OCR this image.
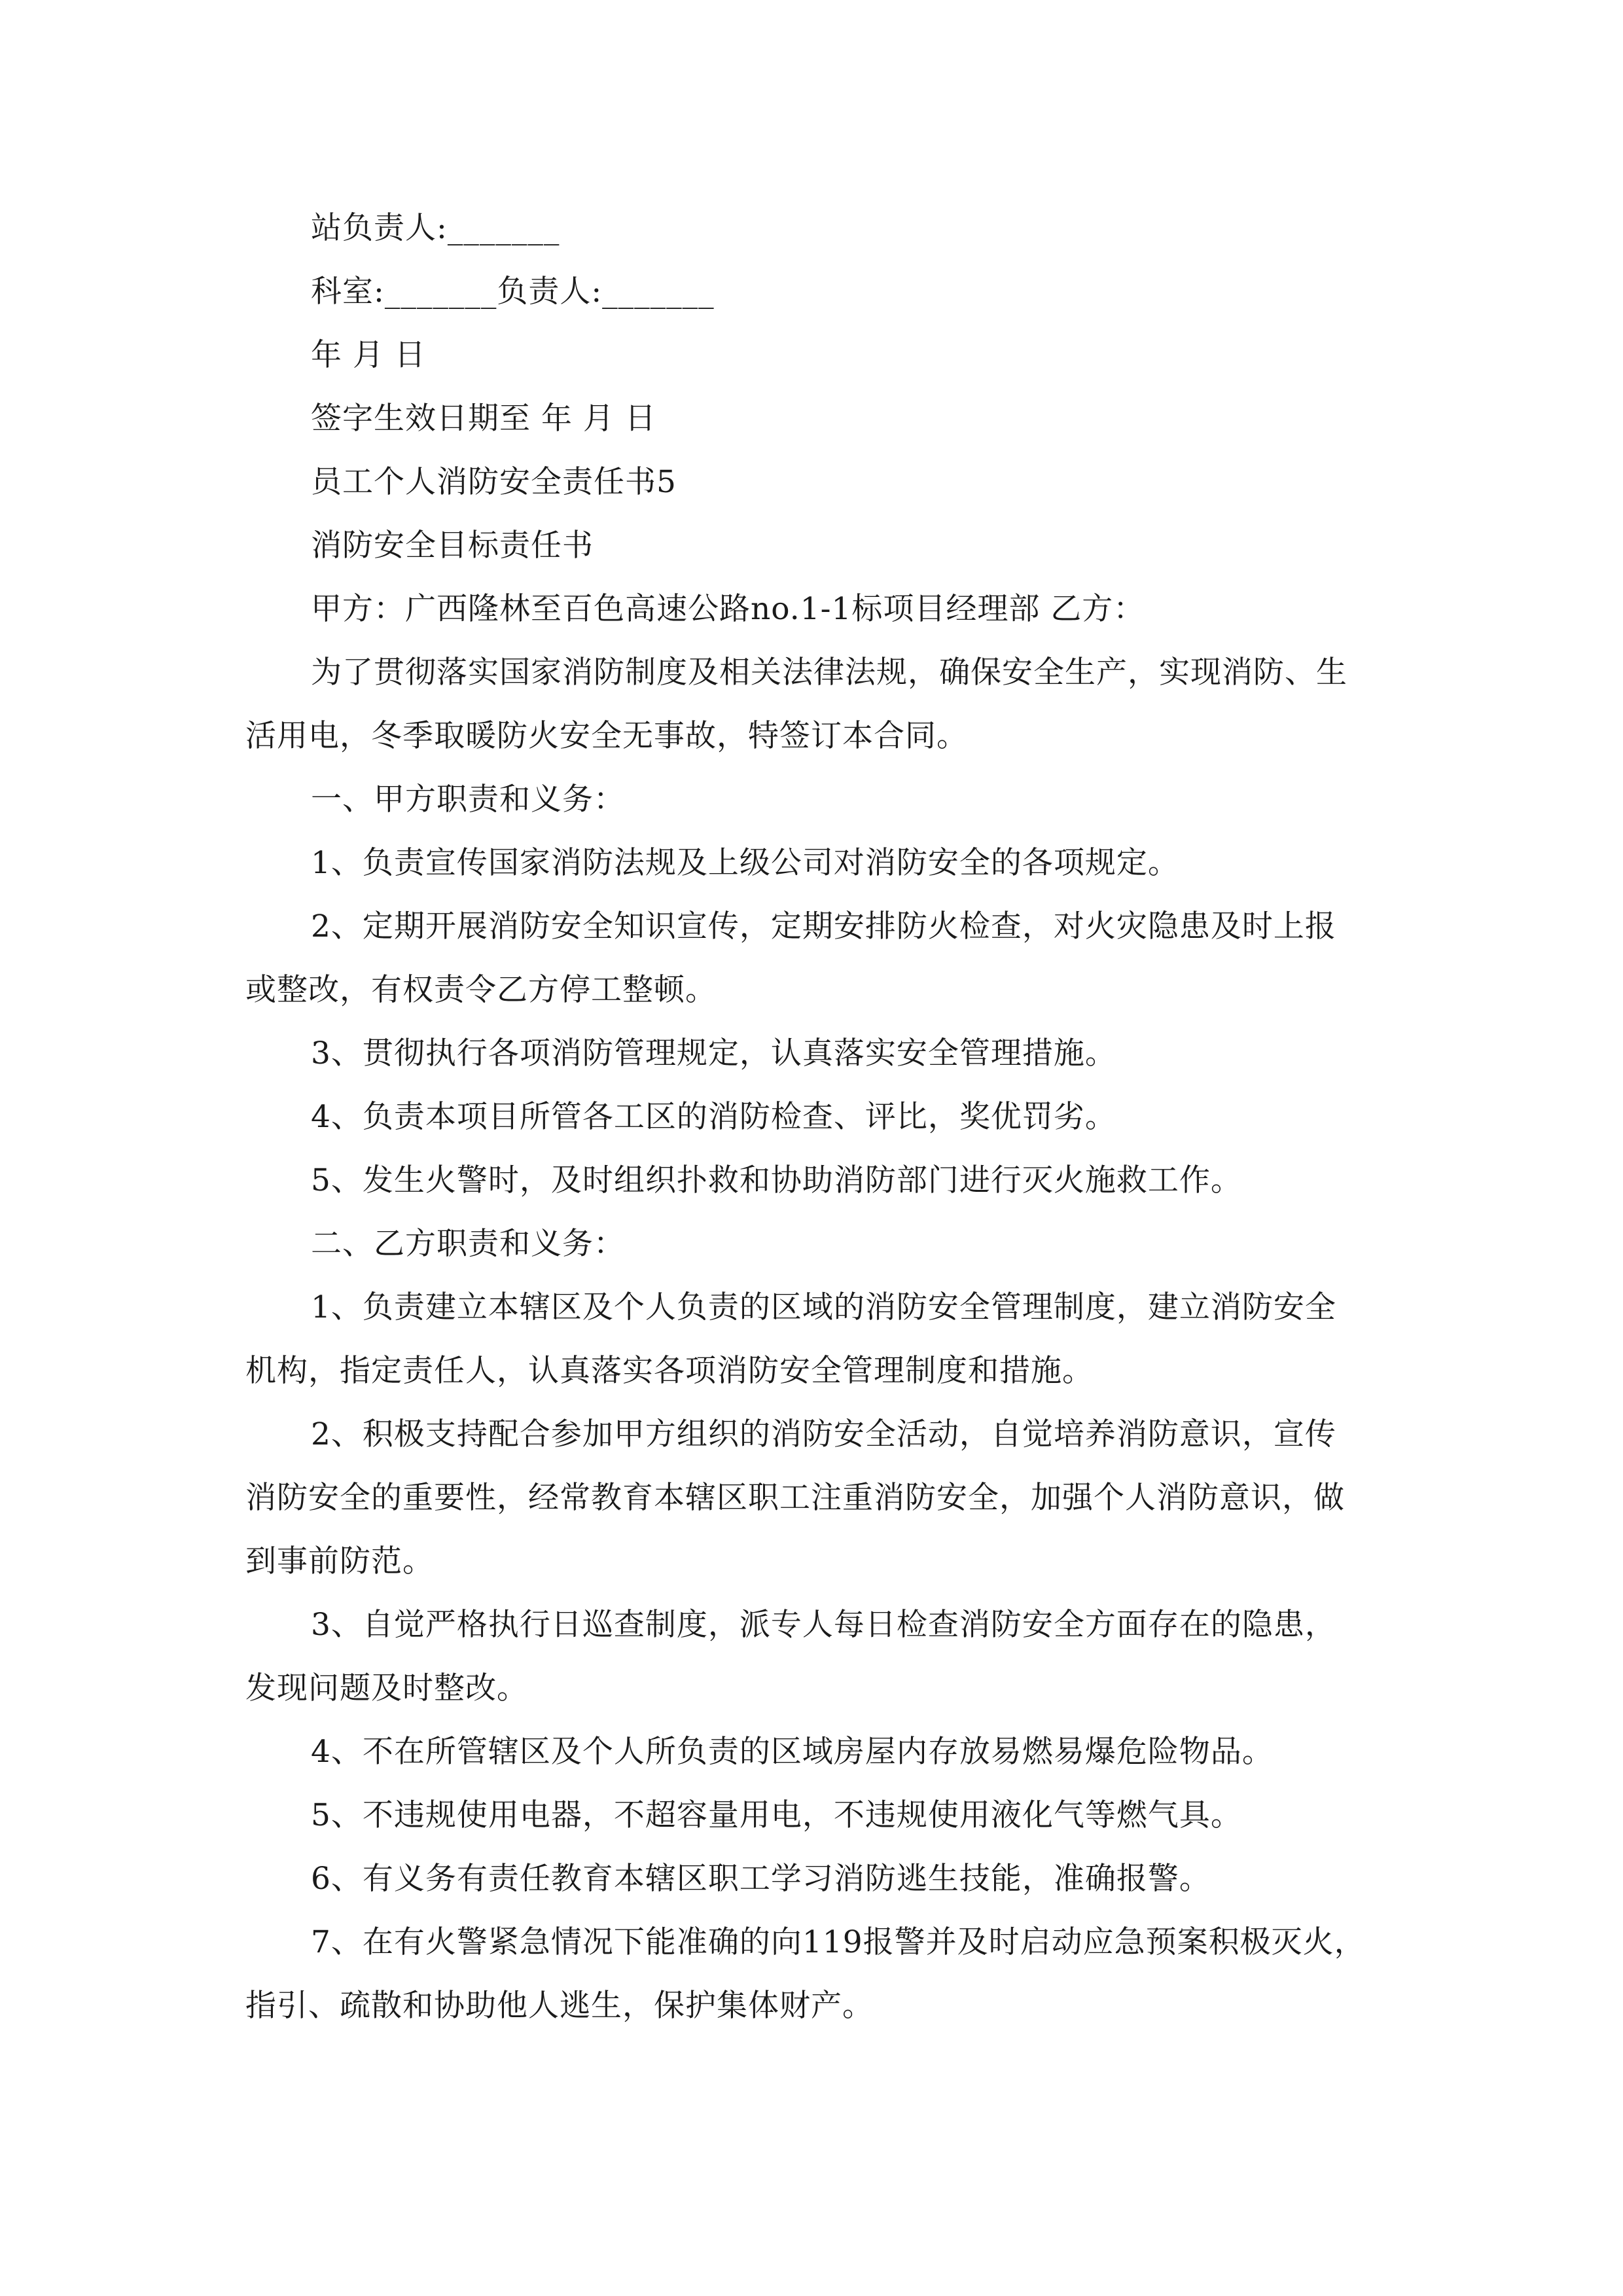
站负责人:_______
科室:_______负责人:_______
年 月 日
签字生效日期至 年 月 日
员工个人消防安全责任书5
消防安全目标责任书
甲方：广西隆林至百色高速公路no.1-1标项目经理部 乙方：
为了贯彻落实国家消防制度及相关法律法规，确保安全生产，实现消防、生
活用电，冬季取暖防火安全无事故，特签订本合同。
一、甲方职责和义务：
1、负责宣传国家消防法规及上级公司对消防安全的各项规定。
2、定期开展消防安全知识宣传，定期安排防火检查，对火灾隐患及时上报
或整改，有权责令乙方停工整顿。
3、贯彻执行各项消防管理规定，认真落实安全管理措施。
4、负责本项目所管各工区的消防检查、评比，奖优罚劣。
5、发生火警时，及时组织扑救和协助消防部门进行灭火施救工作。
二、乙方职责和义务：
1、负责建立本辖区及个人负责的区域的消防安全管理制度，建立消防安全
机构，指定责任人，认真落实各项消防安全管理制度和措施。
2、积极支持配合参加甲方组织的消防安全活动，自觉培养消防意识，宣传
消防安全的重要性，经常教育本辖区职工注重消防安全，加强个人消防意识，做
到事前防范。
3、自觉严格执行日巡查制度，派专人每日检查消防安全方面存在的隐患，
发现问题及时整改。
4、不在所管辖区及个人所负责的区域房屋内存放易燃易爆危险物品。
5、不违规使用电器，不超容量用电，不违规使用液化气等燃气具。
6、有义务有责任教育本辖区职工学习消防逃生技能，准确报警。
7、在有火警紧急情况下能准确的向119报警并及时启动应急预案积极灭火，
指引、疏散和协助他人逃生，保护集体财产。
